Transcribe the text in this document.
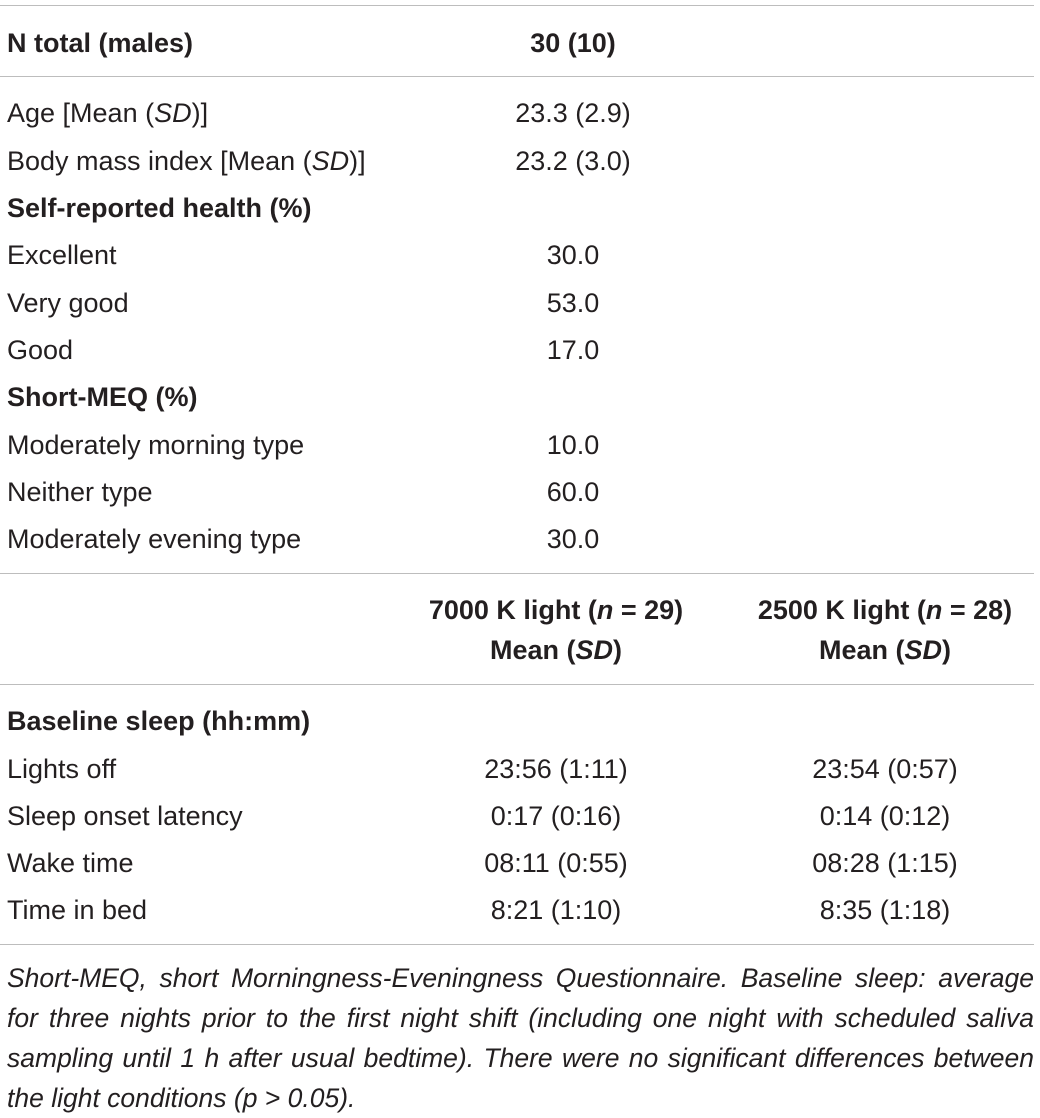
N total (males)	30 (10)
Age [Mean (SD)]	23.3 (2.9)
Body mass index [Mean (SD)]	23.2 (3.0)
Self-reported health (%)
Excellent	30.0
Very good	53.0
Good	17.0
Short-MEQ (%)
Moderately morning type	10.0
Neither type	60.0
Moderately evening type	30.0
7000 K light (n = 29)	2500 K light (n = 28)
Mean (SD)	Mean (SD)
Baseline sleep (hh:mm)
Lights off	23:56 (1:11)	23:54 (0:57)
Sleep onset latency	0:17 (0:16)	0:14 (0:12)
Wake time	08:11 (0:55)	08:28 (1:15)
Time in bed	8:21 (1:10)	8:35 (1:18)
Short-MEQ, short Morningness-Eveningness Questionnaire. Baseline sleep: average for three nights prior to the first night shift (including one night with scheduled saliva sampling until 1 h after usual bedtime). There were no significant differences between the light conditions (p > 0.05).
